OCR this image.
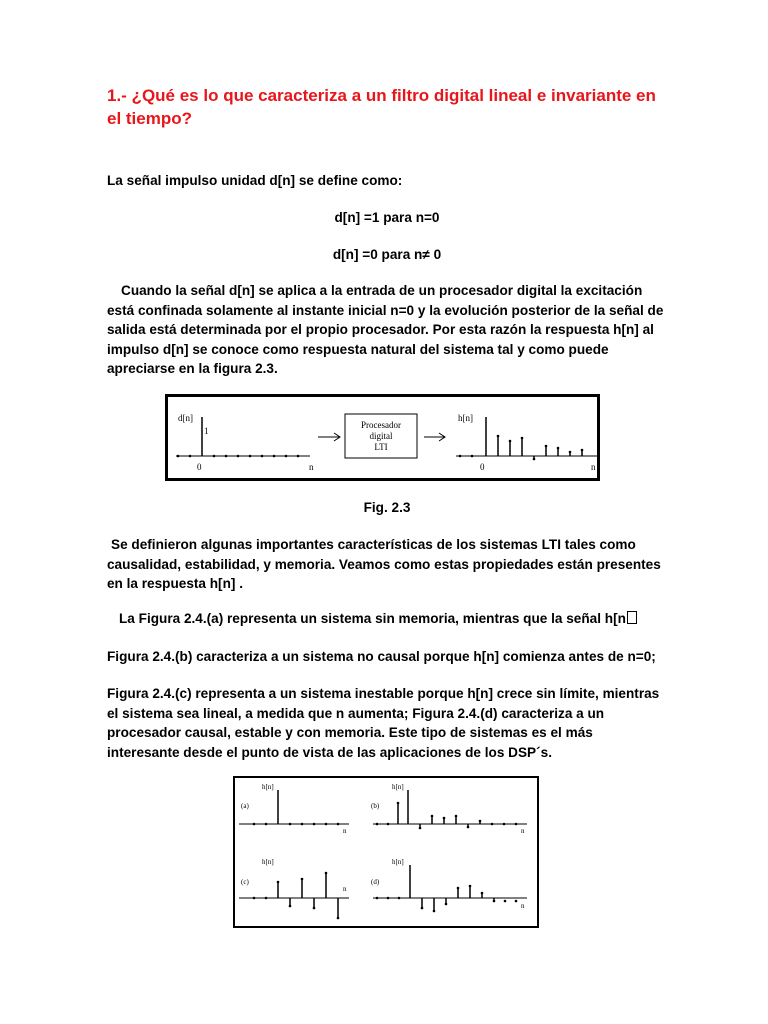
1.- ¿Qué es lo que caracteriza a un filtro digital lineal e invariante en el tiempo?

La señal impulso unidad d[n] se define como:

d[n] =1 para n=0

d[n] =0 para n≠ 0

Cuando la señal d[n] se aplica a la entrada de un procesador digital la excitación está confinada solamente al instante inicial n=0 y la evolución posterior de la señal de salida está determinada por el propio procesador. Por esta razón la respuesta h[n] al impulso d[n] se conoce como respuesta natural del sistema tal y como puede apreciarse en la figura 2.3.

d[n]
1
0	n
Procesador
digital
LTI
h[n]
0	n

Fig. 2.3

Se definieron algunas importantes características de los sistemas LTI tales como causalidad, estabilidad, y memoria. Veamos como estas propiedades están presentes en la respuesta h[n] .

La Figura 2.4.(a) representa un sistema sin memoria, mientras que la señal h[n

Figura 2.4.(b) caracteriza a un sistema no causal porque h[n] comienza antes de n=0;

Figura 2.4.(c) representa a un sistema inestable porque h[n] crece sin límite, mientras el sistema sea lineal, a medida que n aumenta; Figura 2.4.(d) caracteriza a un procesador causal, estable y con memoria. Este tipo de sistemas es el más interesante desde el punto de vista de las aplicaciones de los DSP´s.

(a)
h[n]
n
(b)
h[n]
n
(c)
h[n]
n
(d)
h[n]
n
